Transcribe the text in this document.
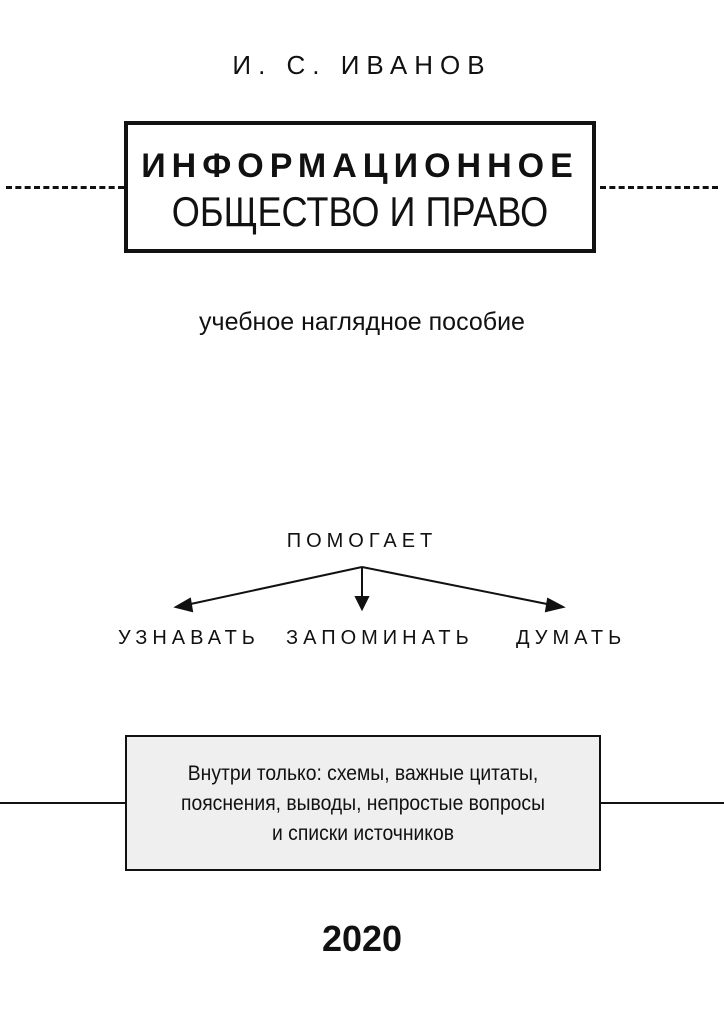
И. С. ИВАНОВ
ИНФОРМАЦИОННОЕ
ОБЩЕСТВО И ПРАВО
учебное наглядное пособие
ПОМОГАЕТ
УЗНАВАТЬ ЗАПОМИНАТЬ ДУМАТЬ
Внутри только: схемы, важные цитаты,
пояснения, выводы, непростые вопросы
и списки источников
2020
